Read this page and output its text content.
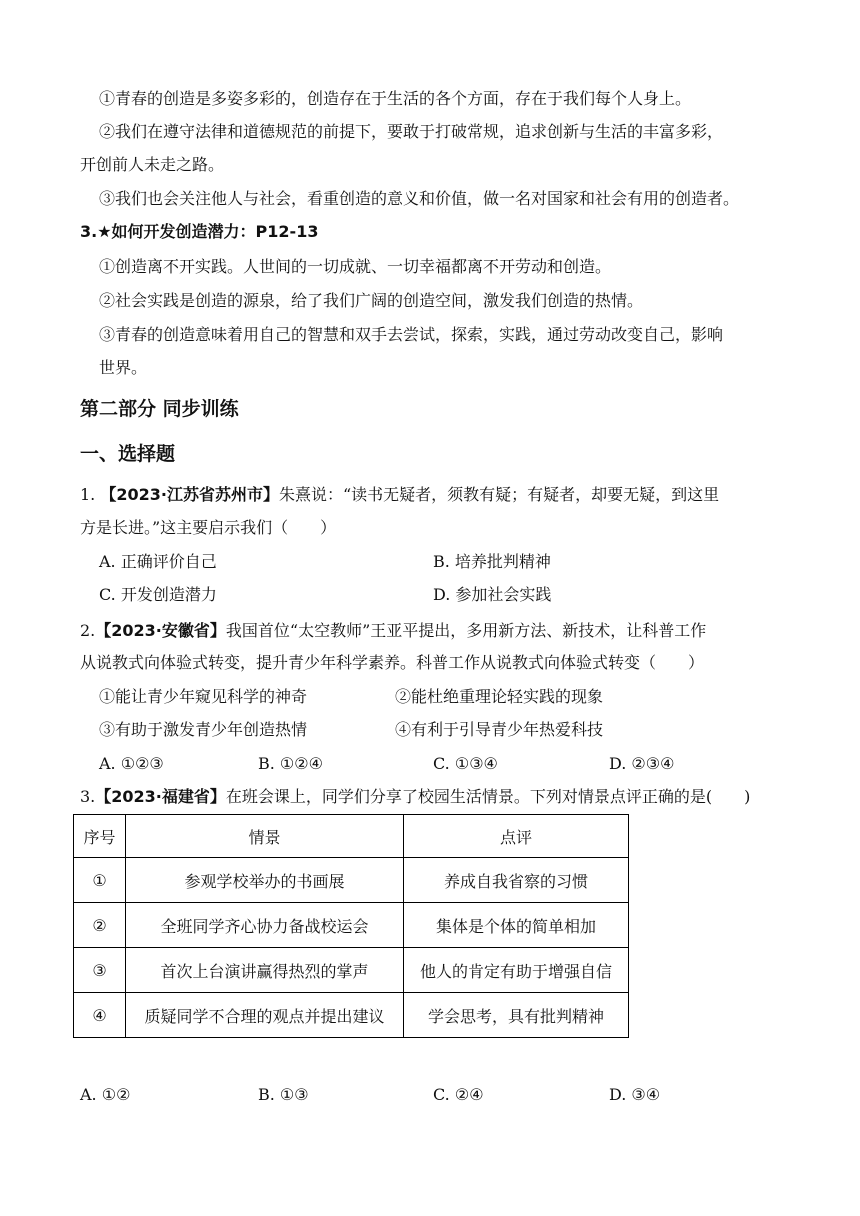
①青春的创造是多姿多彩的，创造存在于生活的各个方面，存在于我们每个人身上。
②我们在遵守法律和道德规范的前提下，要敢于打破常规，追求创新与生活的丰富多彩，
开创前人未走之路。
③我们也会关注他人与社会，看重创造的意义和价值，做一名对国家和社会有用的创造者。
3.★如何开发创造潜力：P12-13
①创造离不开实践。人世间的一切成就、一切幸福都离不开劳动和创造。
②社会实践是创造的源泉，给了我们广阔的创造空间，激发我们创造的热情。
③青春的创造意味着用自己的智慧和双手去尝试，探索，实践，通过劳动改变自己，影响
世界。
第二部分 同步训练
一、选择题
1. 【2023·江苏省苏州市】朱熹说：“读书无疑者，须教有疑；有疑者，却要无疑，到这里
方是长进。”这主要启示我们（　　）
A. 正确评价自己	B. 培养批判精神
C. 开发创造潜力	D. 参加社会实践
2.【2023·安徽省】我国首位“太空教师”王亚平提出，多用新方法、新技术，让科普工作
从说教式向体验式转变，提升青少年科学素养。科普工作从说教式向体验式转变（　　）
①能让青少年窥见科学的神奇	②能杜绝重理论轻实践的现象
③有助于激发青少年创造热情	④有利于引导青少年热爱科技
A. ①②③	B. ①②④	C. ①③④	D. ②③④
3.【2023·福建省】在班会课上，同学们分享了校园生活情景。下列对情景点评正确的是(　　)
序号	情景	点评
①	参观学校举办的书画展	养成自我省察的习惯
②	全班同学齐心协力备战校运会	集体是个体的简单相加
③	首次上台演讲赢得热烈的掌声	他人的肯定有助于增强自信
④	质疑同学不合理的观点并提出建议	学会思考，具有批判精神
A. ①②	B. ①③	C. ②④	D. ③④
